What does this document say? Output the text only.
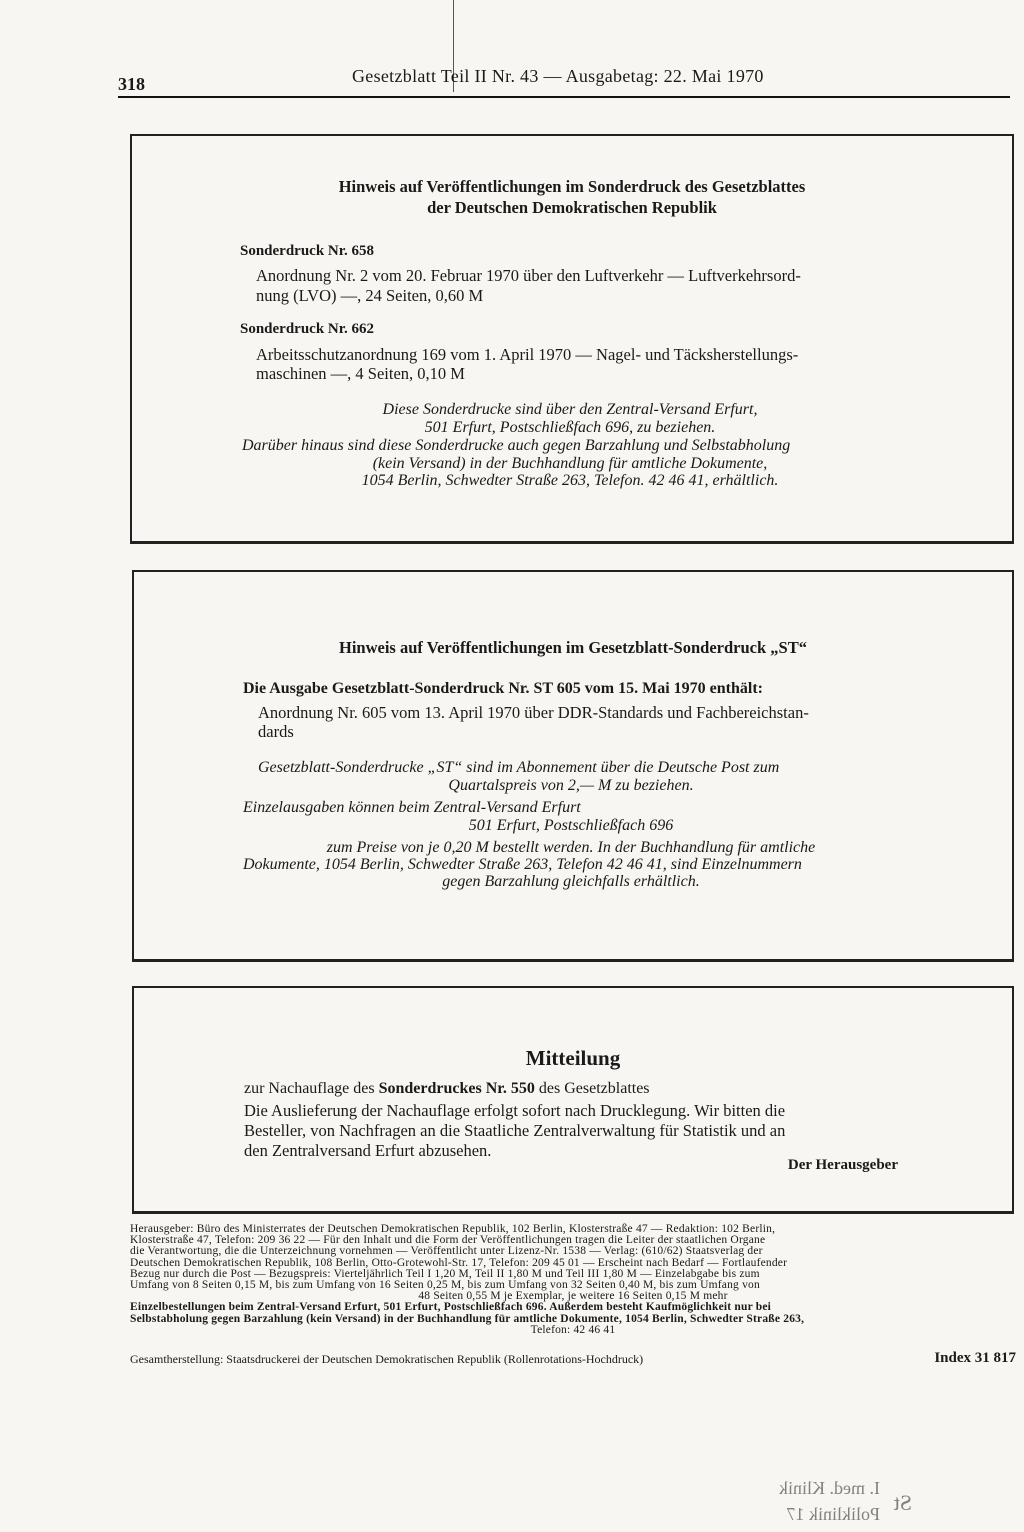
318	Gesetzblatt Teil II Nr. 43 — Ausgabetag: 22. Mai 1970
Hinweis auf Veröffentlichungen im Sonderdruck des Gesetzblattes
der Deutschen Demokratischen Republik
Sonderdruck Nr. 658
Anordnung Nr. 2 vom 20. Februar 1970 über den Luftverkehr — Luftverkehrsord-
nung (LVO) —, 24 Seiten, 0,60 M
Sonderdruck Nr. 662
Arbeitsschutzanordnung 169 vom 1. April 1970 — Nagel- und Täcksherstellungs-
maschinen —, 4 Seiten, 0,10 M
Diese Sonderdrucke sind über den Zentral-Versand Erfurt,
501 Erfurt, Postschließfach 696, zu beziehen.
Darüber hinaus sind diese Sonderdrucke auch gegen Barzahlung und Selbstabholung
(kein Versand) in der Buchhandlung für amtliche Dokumente,
1054 Berlin, Schwedter Straße 263, Telefon. 42 46 41, erhältlich.
Hinweis auf Veröffentlichungen im Gesetzblatt-Sonderdruck „ST“
Die Ausgabe Gesetzblatt-Sonderdruck Nr. ST 605 vom 15. Mai 1970 enthält:
Anordnung Nr. 605 vom 13. April 1970 über DDR-Standards und Fachbereichstan-
dards
Gesetzblatt-Sonderdrucke „ST“ sind im Abonnement über die Deutsche Post zum
Quartalspreis von 2,— M zu beziehen.
Einzelausgaben können beim Zentral-Versand Erfurt
501 Erfurt, Postschließfach 696
zum Preise von je 0,20 M bestellt werden. In der Buchhandlung für amtliche
Dokumente, 1054 Berlin, Schwedter Straße 263, Telefon 42 46 41, sind Einzelnummern
gegen Barzahlung gleichfalls erhältlich.
Mitteilung
zur Nachauflage des Sonderdruckes Nr. 550 des Gesetzblattes
Die Auslieferung der Nachauflage erfolgt sofort nach Drucklegung. Wir bitten die
Besteller, von Nachfragen an die Staatliche Zentralverwaltung für Statistik und an
den Zentralversand Erfurt abzusehen.
Der Herausgeber
Herausgeber: Büro des Ministerrates der Deutschen Demokratischen Republik, 102 Berlin, Klosterstraße 47 — Redaktion: 102 Berlin,
Klosterstraße 47, Telefon: 209 36 22 — Für den Inhalt und die Form der Veröffentlichungen tragen die Leiter der staatlichen Organe
die Verantwortung, die die Unterzeichnung vornehmen — Veröffentlicht unter Lizenz-Nr. 1538 — Verlag: (610/62) Staatsverlag der
Deutschen Demokratischen Republik, 108 Berlin, Otto-Grotewohl-Str. 17, Telefon: 209 45 01 — Erscheint nach Bedarf — Fortlaufender
Bezug nur durch die Post — Bezugspreis: Vierteljährlich Teil I 1,20 M, Teil II 1,80 M und Teil III 1,80 M — Einzelabgabe bis zum
Umfang von 8 Seiten 0,15 M, bis zum Umfang von 16 Seiten 0,25 M, bis zum Umfang von 32 Seiten 0,40 M, bis zum Umfang von
48 Seiten 0,55 M je Exemplar, je weitere 16 Seiten 0,15 M mehr
Einzelbestellungen beim Zentral-Versand Erfurt, 501 Erfurt, Postschließfach 696. Außerdem besteht Kaufmöglichkeit nur bei
Selbstabholung gegen Barzahlung (kein Versand) in der Buchhandlung für amtliche Dokumente, 1054 Berlin, Schwedter Straße 263,
Telefon: 42 46 41
Gesamtherstellung: Staatsdruckerei der Deutschen Demokratischen Republik (Rollenrotations-Hochdruck)	Index 31 817
I. med. Klinik
Poliklinik 17 St
